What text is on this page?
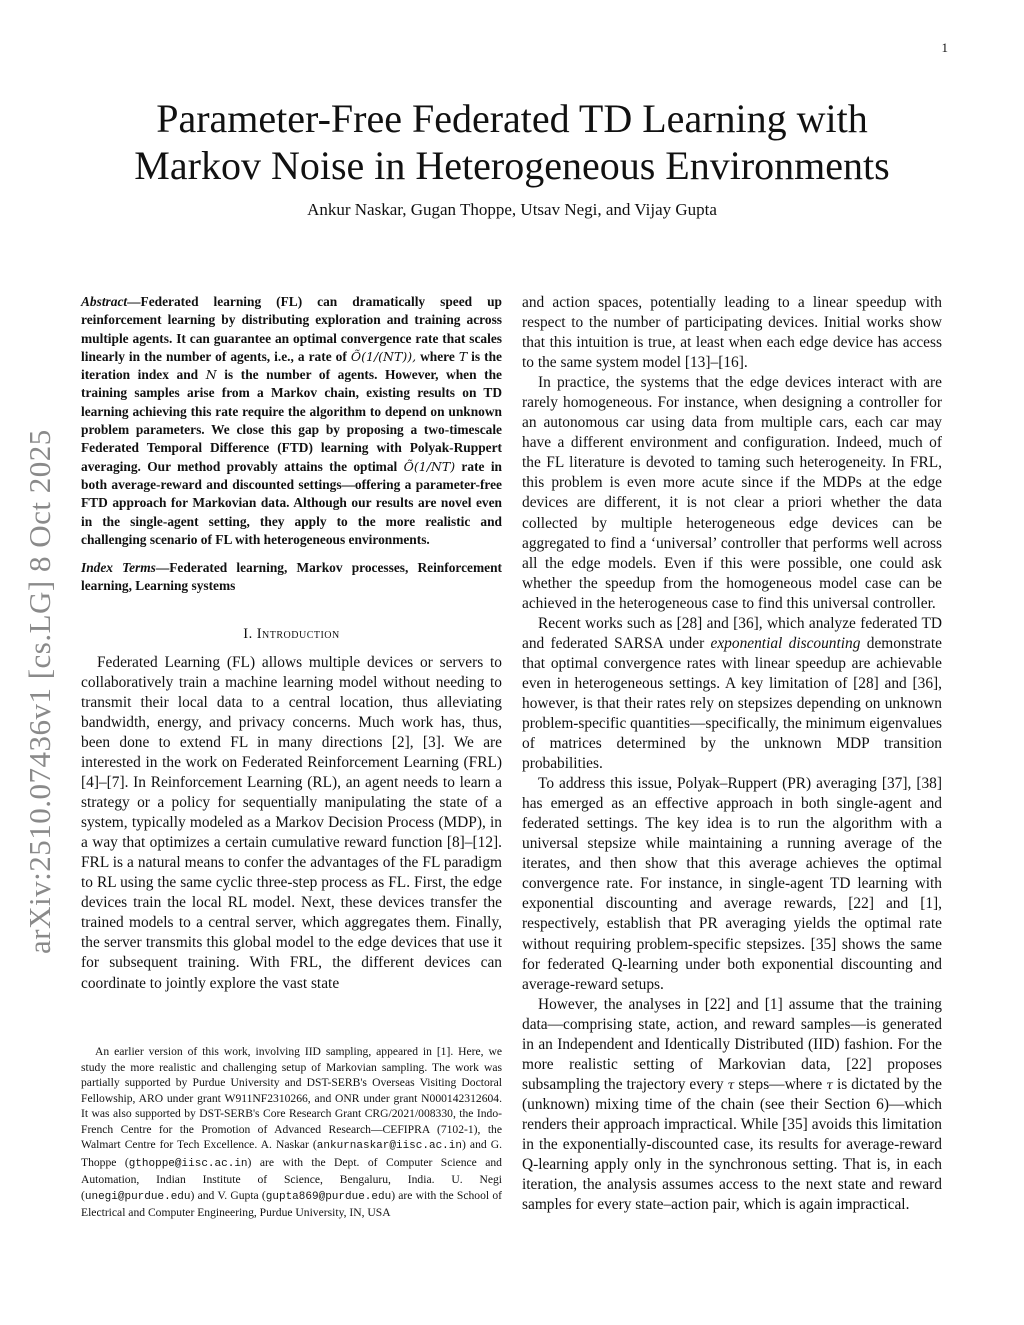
1
arXiv:2510.07436v1 [cs.LG] 8 Oct 2025
Parameter-Free Federated TD Learning with
Markov Noise in Heterogeneous Environments
Ankur Naskar, Gugan Thoppe, Utsav Negi, and Vijay Gupta

Abstract—Federated learning (FL) can dramatically speed up reinforcement learning by distributing exploration and training across multiple agents. It can guarantee an optimal convergence rate that scales linearly in the number of agents, i.e., a rate of Õ(1/(NT)), where T is the iteration index and N is the number of agents. However, when the training samples arise from a Markov chain, existing results on TD learning achieving this rate require the algorithm to depend on unknown problem parameters. We close this gap by proposing a two-timescale Federated Temporal Difference (FTD) learning with Polyak-Ruppert averaging. Our method provably attains the optimal Õ(1/NT) rate in both average-reward and discounted settings—offering a parameter-free FTD approach for Markovian data. Although our results are novel even in the single-agent setting, they apply to the more realistic and challenging scenario of FL with heterogeneous environments.

Index Terms—Federated learning, Markov processes, Reinforcement learning, Learning systems

I. Introduction

Federated Learning (FL) allows multiple devices or servers to collaboratively train a machine learning model without needing to transmit their local data to a central location, thus alleviating bandwidth, energy, and privacy concerns. Much work has, thus, been done to extend FL in many directions [2], [3]. We are interested in the work on Federated Reinforcement Learning (FRL) [4]–[7]. In Reinforcement Learning (RL), an agent needs to learn a strategy or a policy for sequentially manipulating the state of a system, typically modeled as a Markov Decision Process (MDP), in a way that optimizes a certain cumulative reward function [8]–[12]. FRL is a natural means to confer the advantages of the FL paradigm to RL using the same cyclic three-step process as FL. First, the edge devices train the local RL model. Next, these devices transfer the trained models to a central server, which aggregates them. Finally, the server transmits this global model to the edge devices that use it for subsequent training. With FRL, the different devices can coordinate to jointly explore the vast state

An earlier version of this work, involving IID sampling, appeared in [1]. Here, we study the more realistic and challenging setup of Markovian sampling. The work was partially supported by Purdue University and DST-SERB's Overseas Visiting Doctoral Fellowship, ARO under grant W911NF2310266, and ONR under grant N000142312604. It was also supported by DST-SERB's Core Research Grant CRG/2021/008330, the Indo-French Centre for the Promotion of Advanced Research—CEFIPRA (7102-1), the Walmart Centre for Tech Excellence. A. Naskar (ankurnaskar@iisc.ac.in) and G. Thoppe (gthoppe@iisc.ac.in) are with the Dept. of Computer Science and Automation, Indian Institute of Science, Bengaluru, India. U. Negi (unegi@purdue.edu) and V. Gupta (gupta869@purdue.edu) are with the School of Electrical and Computer Engineering, Purdue University, IN, USA

and action spaces, potentially leading to a linear speedup with respect to the number of participating devices. Initial works show that this intuition is true, at least when each edge device has access to the same system model [13]–[16].

In practice, the systems that the edge devices interact with are rarely homogeneous. For instance, when designing a controller for an autonomous car using data from multiple cars, each car may have a different environment and configuration. Indeed, much of the FL literature is devoted to taming such heterogeneity. In FRL, this problem is even more acute since if the MDPs at the edge devices are different, it is not clear a priori whether the data collected by multiple heterogeneous edge devices can be aggregated to find a ‘universal’ controller that performs well across all the edge models. Even if this were possible, one could ask whether the speedup from the homogeneous model case can be achieved in the heterogeneous case to find this universal controller.

Recent works such as [28] and [36], which analyze federated TD and federated SARSA under exponential discounting demonstrate that optimal convergence rates with linear speedup are achievable even in heterogeneous settings. A key limitation of [28] and [36], however, is that their rates rely on stepsizes depending on unknown problem-specific quantities—specifically, the minimum eigenvalues of matrices determined by the unknown MDP transition probabilities.

To address this issue, Polyak–Ruppert (PR) averaging [37], [38] has emerged as an effective approach in both single-agent and federated settings. The key idea is to run the algorithm with a universal stepsize while maintaining a running average of the iterates, and then show that this average achieves the optimal convergence rate. For instance, in single-agent TD learning with exponential discounting and average rewards, [22] and [1], respectively, establish that PR averaging yields the optimal rate without requiring problem-specific stepsizes. [35] shows the same for federated Q-learning under both exponential discounting and average-reward setups.

However, the analyses in [22] and [1] assume that the training data—comprising state, action, and reward samples—is generated in an Independent and Identically Distributed (IID) fashion. For the more realistic setting of Markovian data, [22] proposes subsampling the trajectory every τ steps—where τ is dictated by the (unknown) mixing time of the chain (see their Section 6)—which renders their approach impractical. While [35] avoids this limitation in the exponentially-discounted case, its results for average-reward Q-learning apply only in the synchronous setting. That is, in each iteration, the analysis assumes access to the next state and reward samples for every state–action pair, which is again impractical.
